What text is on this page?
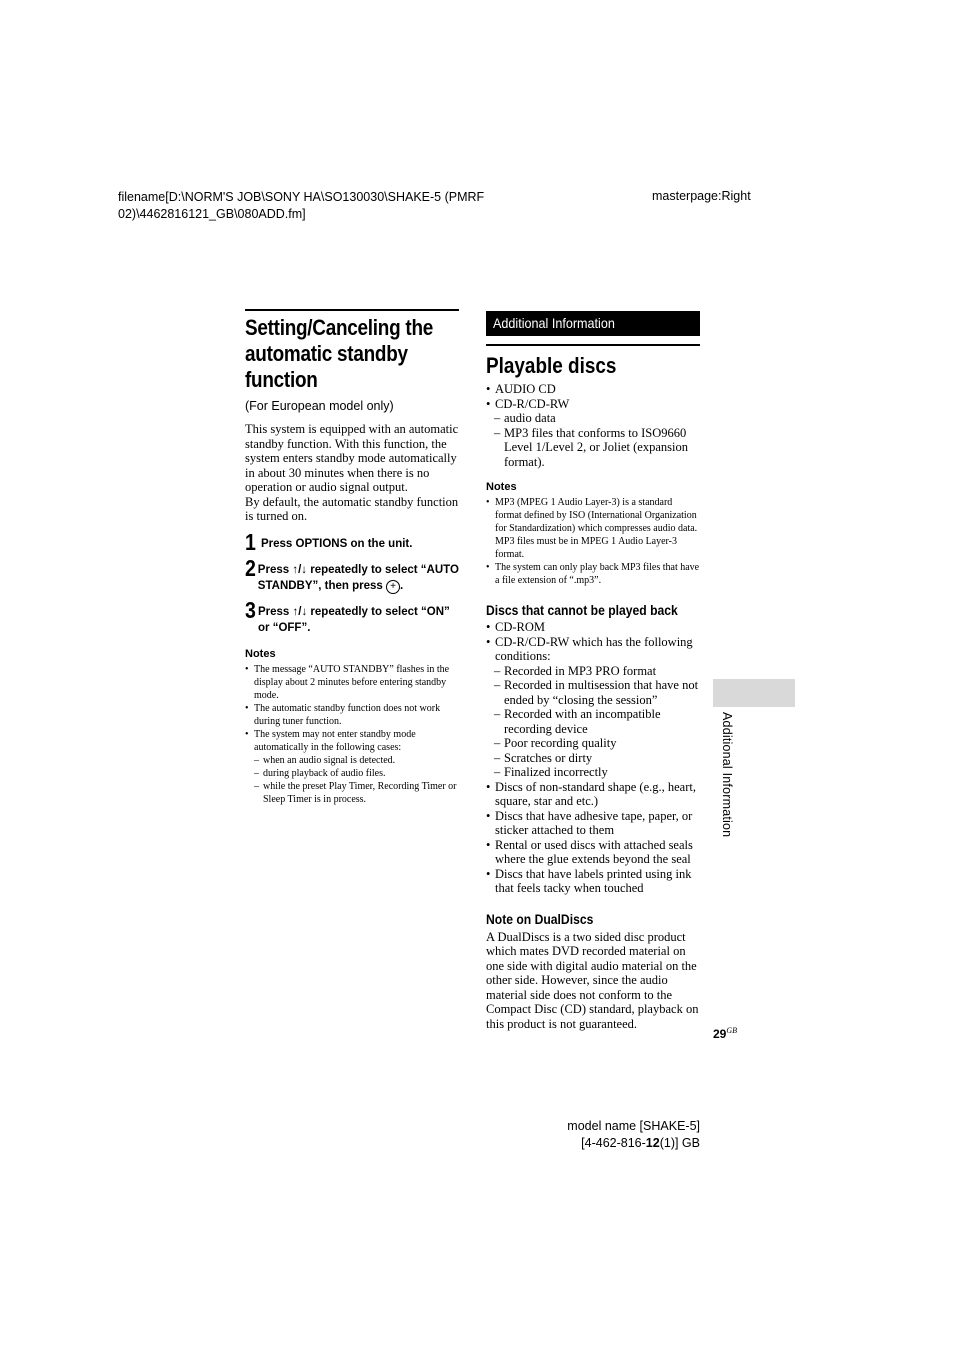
filename[D:\NORM'S JOB\SONY HA\SO130030\SHAKE-5 (PMRF
02)\4462816121_GB\080ADD.fm]
masterpage:Right
Setting/Canceling the automatic standby function
(For European model only)
This system is equipped with an automatic standby function. With this function, the system enters standby mode automatically in about 30 minutes when there is no operation or audio signal output.
By default, the automatic standby function is turned on.
1 Press OPTIONS on the unit.
2 Press ↑/↓ repeatedly to select “AUTO STANDBY”, then press + .
3 Press ↑/↓ repeatedly to select “ON” or “OFF”.
Notes
• The message “AUTO STANDBY” flashes in the display about 2 minutes before entering standby mode.
• The automatic standby function does not work during tuner function.
• The system may not enter standby mode automatically in the following cases:
– when an audio signal is detected.
– during playback of audio files.
– while the preset Play Timer, Recording Timer or Sleep Timer is in process.
Additional Information
Playable discs
• AUDIO CD
• CD-R/CD-RW
– audio data
– MP3 files that conforms to ISO9660 Level 1/Level 2, or Joliet (expansion format).
Notes
• MP3 (MPEG 1 Audio Layer-3) is a standard format defined by ISO (International Organization for Standardization) which compresses audio data. MP3 files must be in MPEG 1 Audio Layer-3 format.
• The system can only play back MP3 files that have a file extension of “.mp3”.
Discs that cannot be played back
• CD-ROM
• CD-R/CD-RW which has the following conditions:
– Recorded in MP3 PRO format
– Recorded in multisession that have not ended by “closing the session”
– Recorded with an incompatible recording device
– Poor recording quality
– Scratches or dirty
– Finalized incorrectly
• Discs of non-standard shape (e.g., heart, square, star and etc.)
• Discs that have adhesive tape, paper, or sticker attached to them
• Rental or used discs with attached seals where the glue extends beyond the seal
• Discs that have labels printed using ink that feels tacky when touched
Note on DualDiscs
A DualDiscs is a two sided disc product which mates DVD recorded material on one side with digital audio material on the other side. However, since the audio material side does not conform to the Compact Disc (CD) standard, playback on this product is not guaranteed.
Additional Information
$29^{GB}$
model name [SHAKE-5]
[4-462-816-12(1)] GB
